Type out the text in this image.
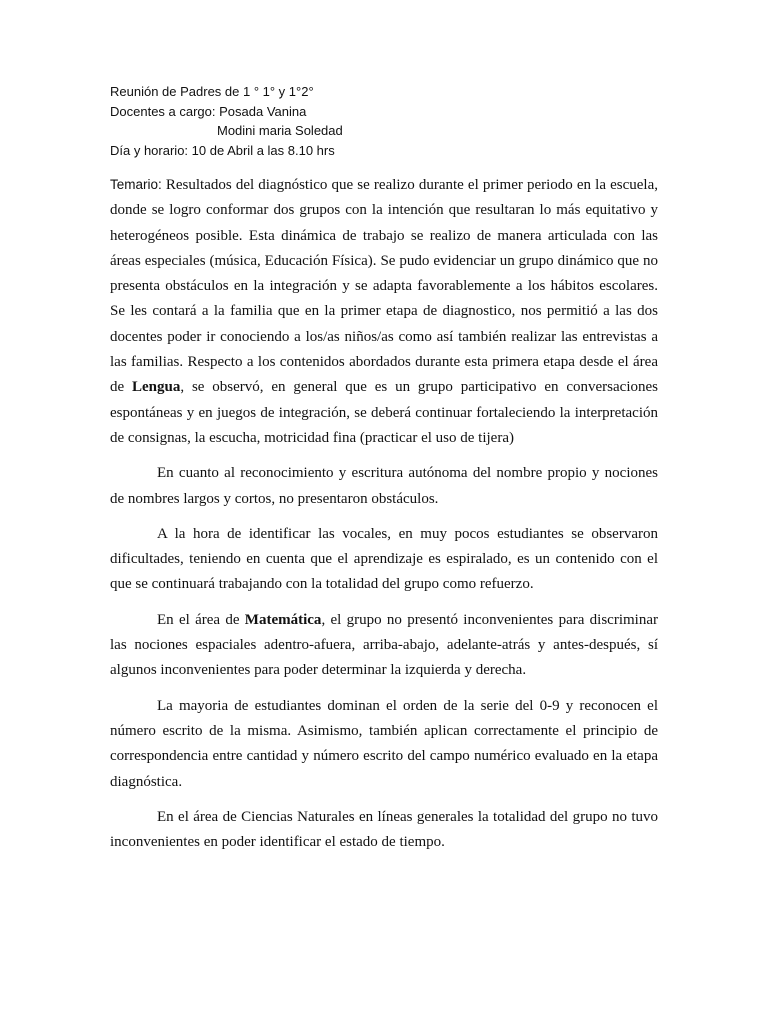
Reunión de Padres de 1 ° 1° y 1°2°

Docentes a cargo: Posada Vanina

Modini maria Soledad

Día y horario: 10 de Abril a las 8.10 hrs

Temario: Resultados del diagnóstico que se realizo durante el primer periodo en la escuela, donde se logro conformar dos grupos con la intención que resultaran lo más equitativo y heterogéneos posible. Esta dinámica de trabajo se realizo de manera articulada con las áreas especiales (música, Educación Física). Se pudo evidenciar un grupo dinámico que no presenta obstáculos en la integración y se adapta favorablemente a los hábitos escolares. Se les contará a la familia que en la primer etapa de diagnostico, nos permitió a las dos docentes poder ir conociendo a los/as niños/as como así también realizar las entrevistas a las familias. Respecto a los contenidos abordados durante esta primera etapa desde el área de Lengua, se observó, en general que es un grupo participativo en conversaciones espontáneas y en juegos de integración, se deberá continuar fortaleciendo la interpretación de consignas, la escucha, motricidad fina (practicar el uso de tijera)

En cuanto al reconocimiento y escritura autónoma del nombre propio y nociones de nombres largos y cortos, no presentaron obstáculos.

A la hora de identificar las vocales, en muy pocos estudiantes se observaron dificultades, teniendo en cuenta que el aprendizaje es espiralado, es un contenido con el que se continuará trabajando con la totalidad del grupo como refuerzo.

En el área de Matemática, el grupo no presentó inconvenientes para discriminar las nociones espaciales adentro-afuera, arriba-abajo, adelante-atrás y antes-después, sí algunos inconvenientes para poder determinar la izquierda y derecha.

La mayoria de estudiantes dominan el orden de la serie del 0-9 y reconocen el número escrito de la misma. Asimismo, también aplican correctamente el principio de correspondencia entre cantidad y número escrito del campo numérico evaluado en la etapa diagnóstica.

En el área de Ciencias Naturales en líneas generales la totalidad del grupo no tuvo inconvenientes en poder identificar el estado de tiempo.
